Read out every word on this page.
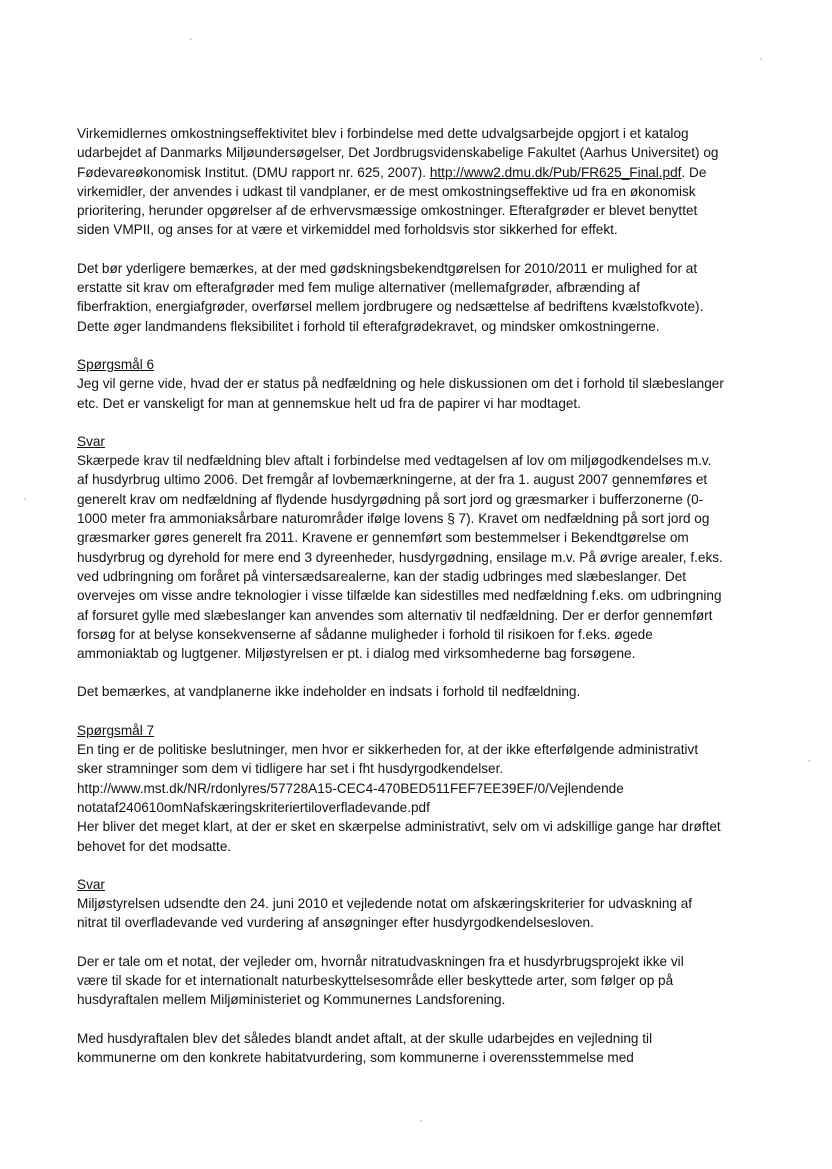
Virkemidlernes omkostningseffektivitet blev i forbindelse med dette udvalgsarbejde opgjort i et katalog
udarbejdet af Danmarks Miljøundersøgelser, Det Jordbrugsvidenskabelige Fakultet (Aarhus Universitet) og
Fødevareøkonomisk Institut. (DMU rapport nr. 625, 2007). http://www2.dmu.dk/Pub/FR625_Final.pdf. De
virkemidler, der anvendes i udkast til vandplaner, er de mest omkostningseffektive ud fra en økonomisk
prioritering, herunder opgørelser af de erhvervsmæssige omkostninger. Efterafgrøder er blevet benyttet
siden VMPII, og anses for at være et virkemiddel med forholdsvis stor sikkerhed for effekt.
Det bør yderligere bemærkes, at der med gødskningsbekendtgørelsen for 2010/2011 er mulighed for at
erstatte sit krav om efterafgrøder med fem mulige alternativer (mellemafgrøder, afbrænding af
fiberfraktion, energiafgrøder, overførsel mellem jordbrugere og nedsættelse af bedriftens kvælstofkvote).
Dette øger landmandens fleksibilitet i forhold til efterafgrødekravet, og mindsker omkostningerne.
Spørgsmål 6
Jeg vil gerne vide, hvad der er status på nedfældning og hele diskussionen om det i forhold til slæbeslanger
etc. Det er vanskeligt for man at gennemskue helt ud fra de papirer vi har modtaget.
Svar
Skærpede krav til nedfældning blev aftalt i forbindelse med vedtagelsen af lov om miljøgodkendelses m.v.
af husdyrbrug ultimo 2006. Det fremgår af lovbemærkningerne, at der fra 1. august 2007 gennemføres et
generelt krav om nedfældning af flydende husdyrgødning på sort jord og græsmarker i bufferzonerne (0-
1000 meter fra ammoniaksårbare naturområder ifølge lovens § 7). Kravet om nedfældning på sort jord og
græsmarker gøres generelt fra 2011. Kravene er gennemført som bestemmelser i Bekendtgørelse om
husdyrbrug og dyrehold for mere end 3 dyreenheder, husdyrgødning, ensilage m.v. På øvrige arealer, f.eks.
ved udbringning om foråret på vintersædsarealerne, kan der stadig udbringes med slæbeslanger. Det
overvejes om visse andre teknologier i visse tilfælde kan sidestilles med nedfældning f.eks. om udbringning
af forsuret gylle med slæbeslanger kan anvendes som alternativ til nedfældning. Der er derfor gennemført
forsøg for at belyse konsekvenserne af sådanne muligheder i forhold til risikoen for f.eks. øgede
ammoniaktab og lugtgener. Miljøstyrelsen er pt. i dialog med virksomhederne bag forsøgene.
Det bemærkes, at vandplanerne ikke indeholder en indsats i forhold til nedfældning.
Spørgsmål 7
En ting er de politiske beslutninger, men hvor er sikkerheden for, at der ikke efterfølgende administrativt
sker stramninger som dem vi tidligere har set i fht husdyrgodkendelser.
http://www.mst.dk/NR/rdonlyres/57728A15-CEC4-470BED511FEF7EE39EF/0/Vejlendende
notataf240610omNafskæringskriteriertiloverfladevande.pdf
Her bliver det meget klart, at der er sket en skærpelse administrativt, selv om vi adskillige gange har drøftet
behovet for det modsatte.
Svar
Miljøstyrelsen udsendte den 24. juni 2010 et vejledende notat om afskæringskriterier for udvaskning af
nitrat til overfladevande ved vurdering af ansøgninger efter husdyrgodkendelsesloven.
Der er tale om et notat, der vejleder om, hvornår nitratudvaskningen fra et husdyrbrugsprojekt ikke vil
være til skade for et internationalt naturbeskyttelsesområde eller beskyttede arter, som følger op på
husdyraftalen mellem Miljøministeriet og Kommunernes Landsforening.
Med husdyraftalen blev det således blandt andet aftalt, at der skulle udarbejdes en vejledning til
kommunerne om den konkrete habitatvurdering, som kommunerne i overensstemmelse med
